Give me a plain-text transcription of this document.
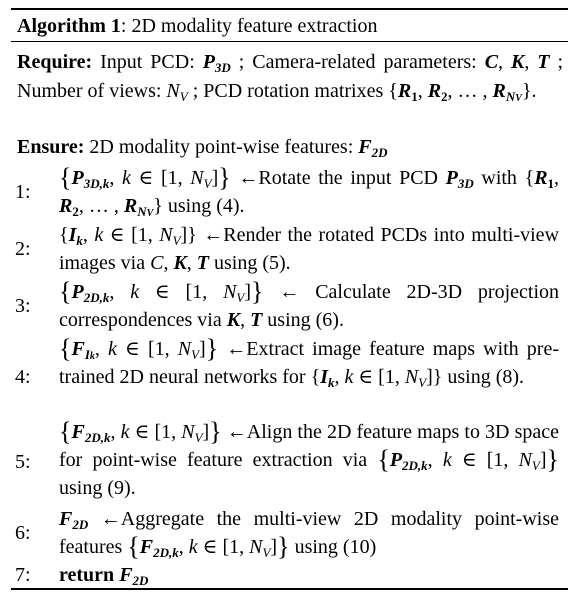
Algorithm 1: 2D modality feature extraction
Require: Input PCD: $P_{3D}$ ; Camera-related parameters: C, K, T ; Number of views: $N_V$ ; PCD rotation matrixes {$R_1$, $R_2$, … , $R_{NV}$}.
Ensure: 2D modality point-wise features: $F_{2D}$
1: {$P_{3D,k}$, k ∈ [1, $N_V$]} ←Rotate the input PCD $P_{3D}$ with {$R_1$, $R_2$, … , $R_{NV}$} using (4).
2:
{$I_k$, k ∈ [1, $N_V$]} ←Render the rotated PCDs into multi-view images via C, K, T using (5).
3: {$P_{2D,k}$, k ∈ [1, $N_V$]} ← Calculate 2D-3D projection correspondences via K, T using (6).
4:
{$F_{Ik}$, k ∈ [1, $N_V$]} ←Extract image feature maps with pre-trained 2D neural networks for {$I_k$, k ∈ [1, $N_V$]} using (8).
5:
{$F_{2D,k}$, k ∈ [1, $N_V$]} ←Align the 2D feature maps to 3D space for point-wise feature extraction via {$P_{2D,k}$, k ∈ [1, $N_V$]} using (9).
6:
$F_{2D}$ ←Aggregate the multi-view 2D modality point-wise features {$F_{2D,k}$, k ∈ [1, $N_V$]} using (10)
7: return $F_{2D}$
